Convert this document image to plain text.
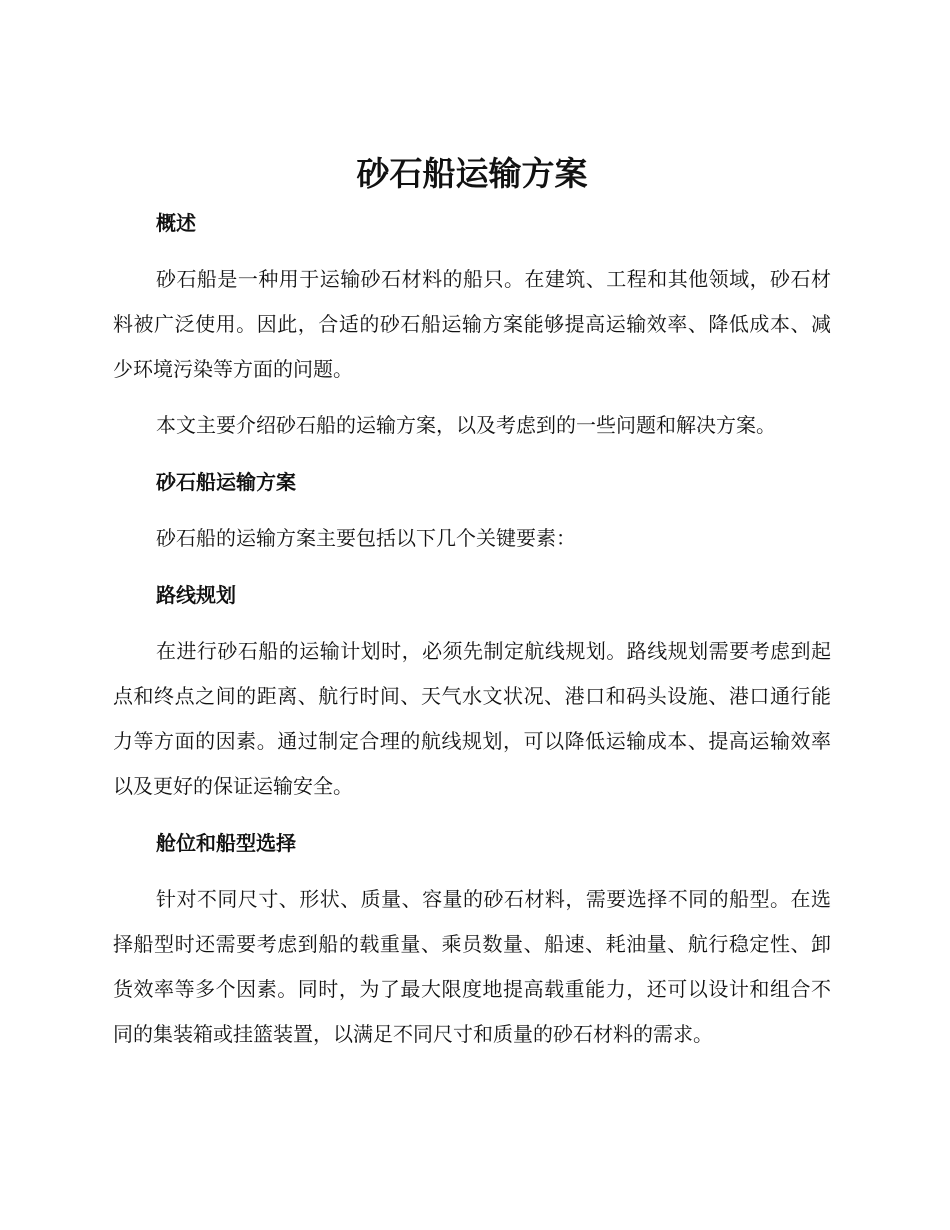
砂石船运输方案
概述

砂石船是一种用于运输砂石材料的船只。在建筑、工程和其他领域，砂石材料被广泛使用。因此，合适的砂石船运输方案能够提高运输效率、降低成本、减少环境污染等方面的问题。

本文主要介绍砂石船的运输方案，以及考虑到的一些问题和解决方案。

砂石船运输方案

砂石船的运输方案主要包括以下几个关键要素：

路线规划

在进行砂石船的运输计划时，必须先制定航线规划。路线规划需要考虑到起点和终点之间的距离、航行时间、天气水文状况、港口和码头设施、港口通行能力等方面的因素。通过制定合理的航线规划，可以降低运输成本、提高运输效率以及更好的保证运输安全。

舱位和船型选择

针对不同尺寸、形状、质量、容量的砂石材料，需要选择不同的船型。在选择船型时还需要考虑到船的载重量、乘员数量、船速、耗油量、航行稳定性、卸货效率等多个因素。同时，为了最大限度地提高载重能力，还可以设计和组合不同的集装箱或挂篮装置，以满足不同尺寸和质量的砂石材料的需求。
